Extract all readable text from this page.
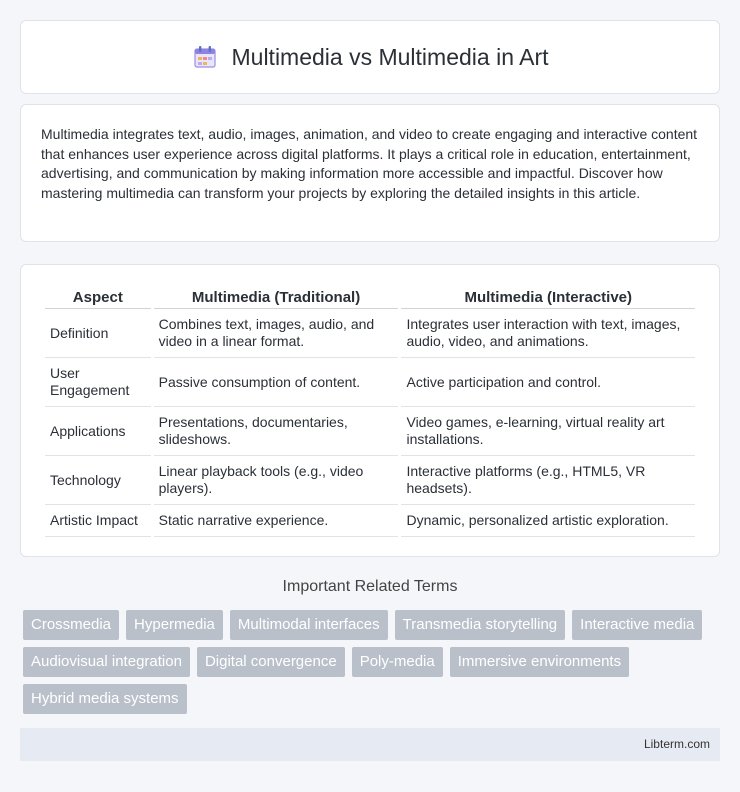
Multimedia vs Multimedia in Art

Multimedia integrates text, audio, images, animation, and video to create engaging and interactive content that enhances user experience across digital platforms. It plays a critical role in education, entertainment, advertising, and communication by making information more accessible and impactful. Discover how mastering multimedia can transform your projects by exploring the detailed insights in this article.

Aspect	Multimedia (Traditional)	Multimedia (Interactive)
Definition	Combines text, images, audio, and video in a linear format.	Integrates user interaction with text, images, audio, video, and animations.
User Engagement	Passive consumption of content.	Active participation and control.
Applications	Presentations, documentaries, slideshows.	Video games, e-learning, virtual reality art installations.
Technology	Linear playback tools (e.g., video players).	Interactive platforms (e.g., HTML5, VR headsets).
Artistic Impact	Static narrative experience.	Dynamic, personalized artistic exploration.
Important Related Terms
Crossmedia	Hypermedia	Multimodal interfaces	Transmedia storytelling	Interactive media
Audiovisual integration	Digital convergence	Poly-media	Immersive environments
Hybrid media systems
Libterm.com
